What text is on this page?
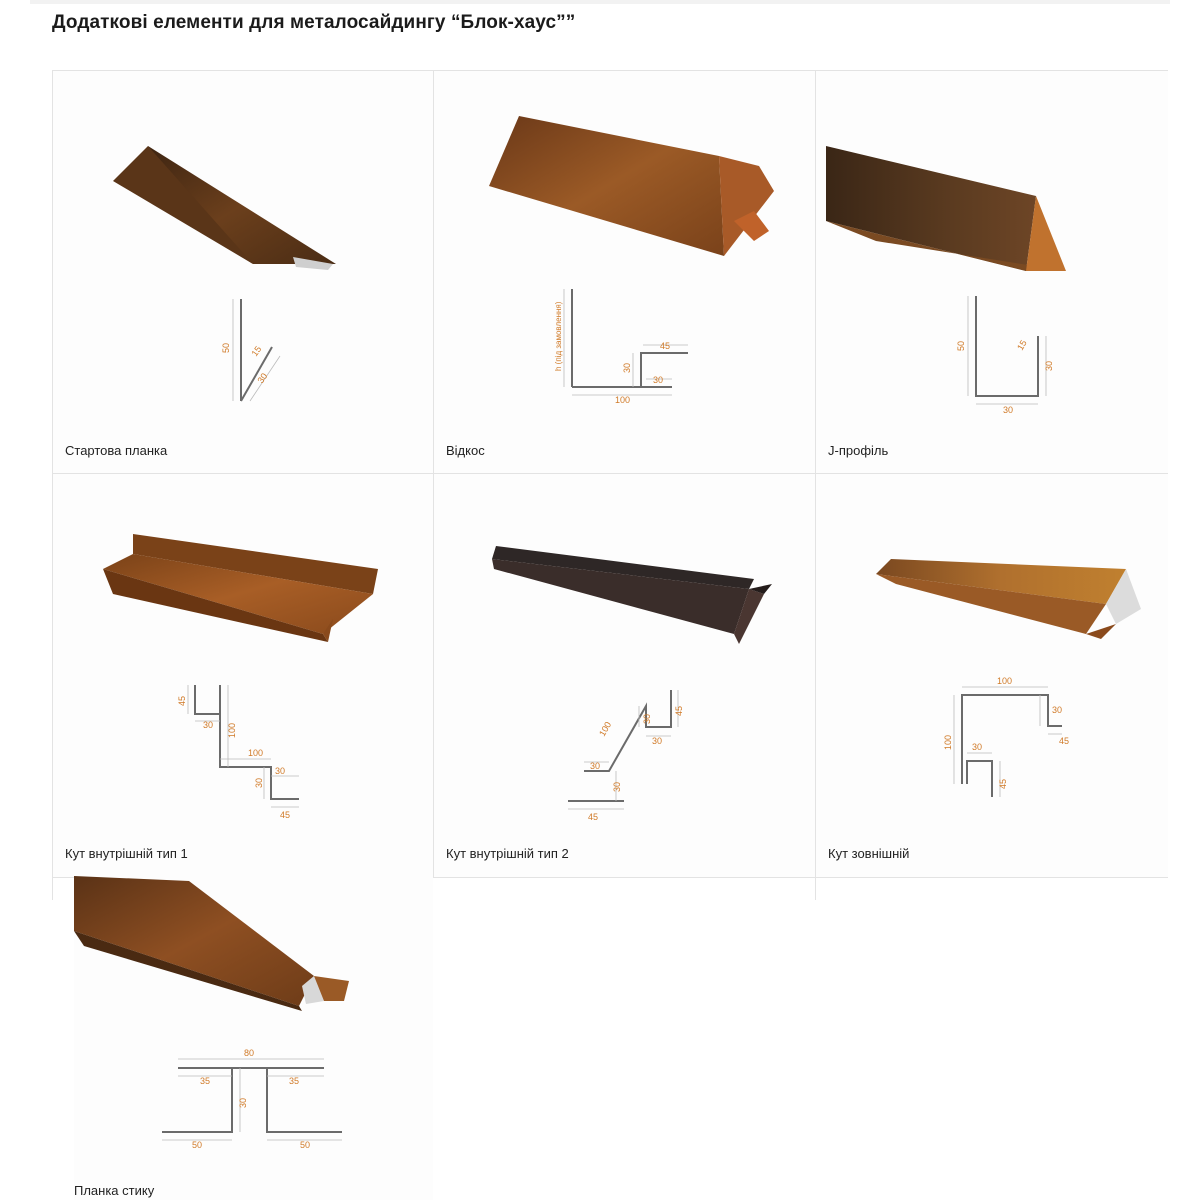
Додаткові елементи для металосайдингу “Блок-хаус””
50 15
30
Стартова планка
h (під замовлення)
100
45
30
30
Відкос
50	15
30
30
J-профіль
45
30 100
100
30
30
45
Кут внутрішній тип 1
100
30
45
30
30
30
45
Кут внутрішній тип 2
100
30
45
100 30
45
Кут зовнішній
80
35	35
30
50	50
Планка стику
